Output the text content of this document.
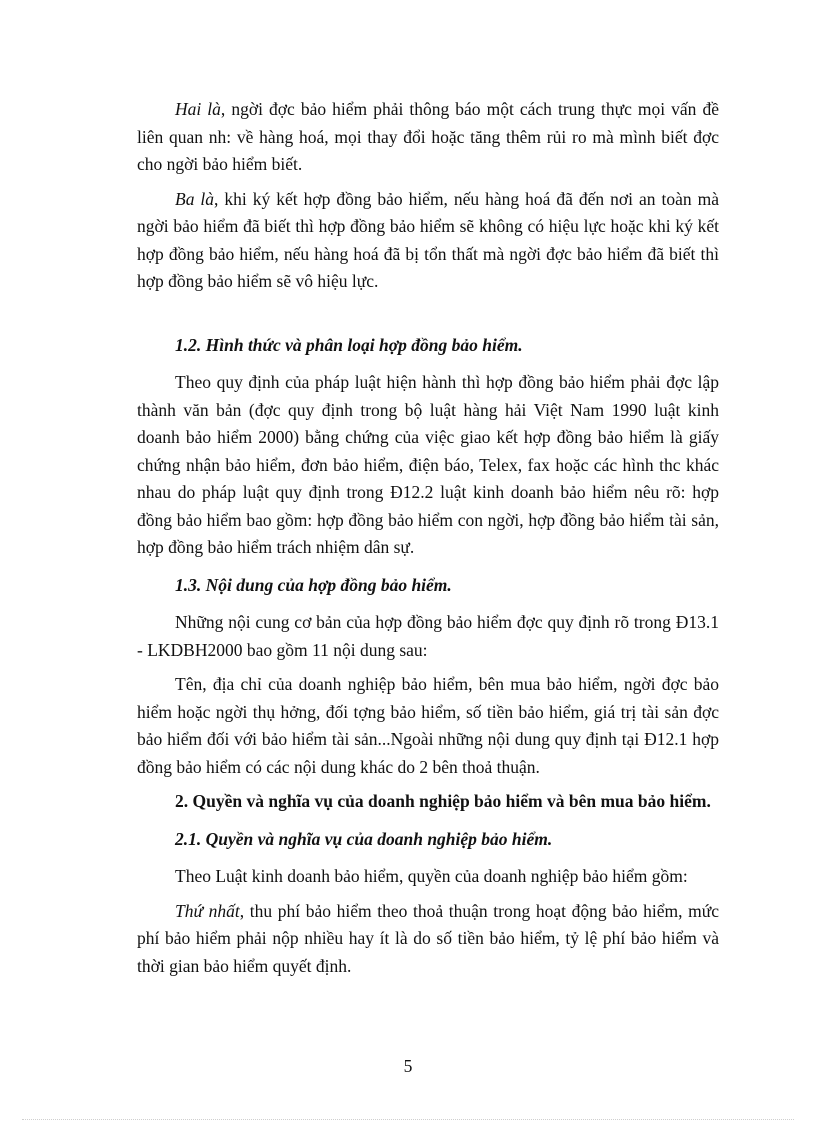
Hai là, ngời đợc bảo hiểm phải thông báo một cách trung thực mọi vấn đề liên quan nh: về hàng hoá, mọi thay đổi hoặc tăng thêm rủi ro mà mình biết đợc cho ngời bảo hiểm biết.

Ba là, khi ký kết hợp đồng bảo hiểm, nếu hàng hoá đã đến nơi an toàn mà ngời bảo hiểm đã biết thì hợp đồng bảo hiểm sẽ không có hiệu lực hoặc khi ký kết hợp đồng bảo hiểm, nếu hàng hoá đã bị tổn thất mà ngời đợc bảo hiểm đã biết thì hợp đồng bảo hiểm sẽ vô hiệu lực.

1.2. Hình thức và phân loại hợp đồng bảo hiểm.

Theo quy định của pháp luật hiện hành thì hợp đồng bảo hiểm phải đợc lập thành văn bản (đợc quy định trong bộ luật hàng hải Việt Nam 1990 luật kinh doanh bảo hiểm 2000) bằng chứng của việc giao kết hợp đồng bảo hiểm là giấy chứng nhận bảo hiểm, đơn bảo hiểm, điện báo, Telex, fax hoặc các hình thc khác nhau do pháp luật quy định trong Đ12.2 luật kinh doanh bảo hiểm nêu rõ: hợp đồng bảo hiểm bao gồm: hợp đồng bảo hiểm con ngời, hợp đồng bảo hiểm tài sản, hợp đồng bảo hiểm trách nhiệm dân sự.

1.3. Nội dung của hợp đồng bảo hiểm.

Những nội cung cơ bản của hợp đồng bảo hiểm đợc quy định rõ trong Đ13.1 - LKDBH2000 bao gồm 11 nội dung sau:

Tên, địa chỉ của doanh nghiệp bảo hiểm, bên mua bảo hiểm, ngời đợc bảo hiểm hoặc ngời thụ hởng, đối tợng bảo hiểm, số tiền bảo hiểm, giá trị tài sản đợc bảo hiểm đối với bảo hiểm tài sản...Ngoài những nội dung quy định tại Đ12.1 hợp đồng bảo hiểm có các nội dung khác do 2 bên thoả thuận.

2. Quyền và nghĩa vụ của doanh nghiệp bảo hiểm và bên mua bảo hiểm.

2.1. Quyền và nghĩa vụ của doanh nghiệp bảo hiểm.

Theo Luật kinh doanh bảo hiểm, quyền của doanh nghiệp bảo hiểm gồm:

Thứ nhất, thu phí bảo hiểm theo thoả thuận trong hoạt động bảo hiểm, mức phí bảo hiểm phải nộp nhiều hay ít là do số tiền bảo hiểm, tỷ lệ phí bảo hiểm và thời gian bảo hiểm quyết định.

5
